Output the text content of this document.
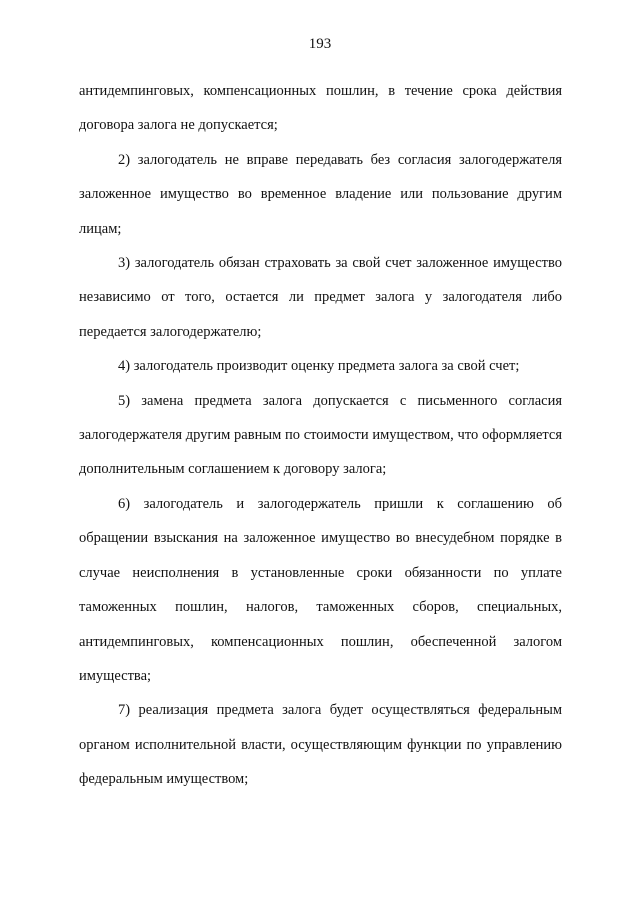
193

антидемпинговых, компенсационных пошлин, в течение срока действия договора залога не допускается;

2) залогодатель не вправе передавать без согласия залогодержателя заложенное имущество во временное владение или пользование другим лицам;

3) залогодатель обязан страховать за свой счет заложенное имущество независимо от того, остается ли предмет залога у залогодателя либо передается залогодержателю;

4) залогодатель производит оценку предмета залога за свой счет;

5) замена предмета залога допускается с письменного согласия залогодержателя другим равным по стоимости имуществом, что оформляется дополнительным соглашением к договору залога;

6) залогодатель и залогодержатель пришли к соглашению об обращении взыскания на заложенное имущество во внесудебном порядке в случае неисполнения в установленные сроки обязанности по уплате таможенных пошлин, налогов, таможенных сборов, специальных, антидемпинговых, компенсационных пошлин, обеспеченной залогом имущества;

7) реализация предмета залога будет осуществляться федеральным органом исполнительной власти, осуществляющим функции по управлению федеральным имуществом;
